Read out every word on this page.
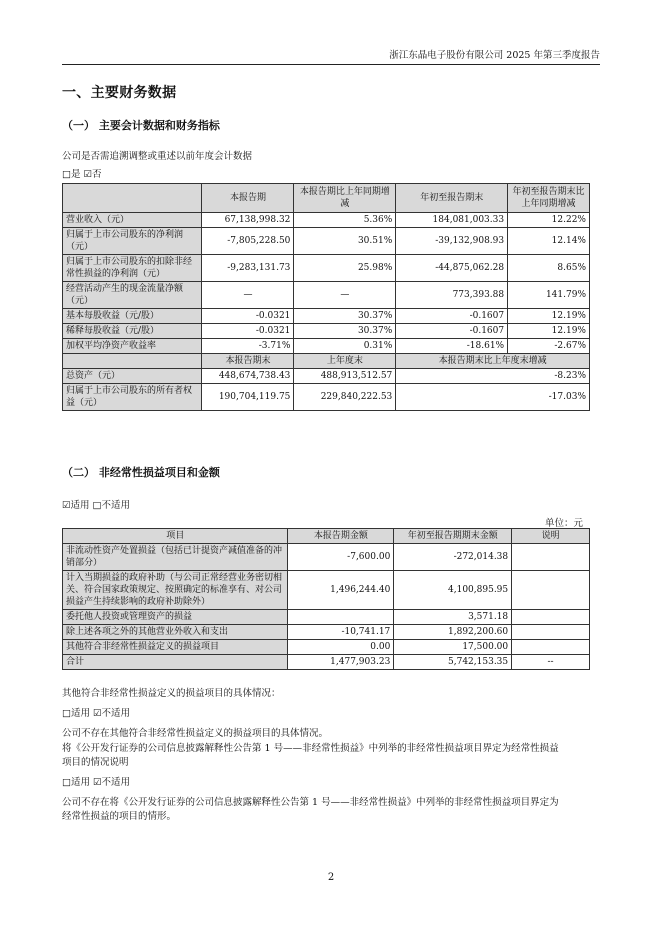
浙江东晶电子股份有限公司 2025 年第三季度报告
一、主要财务数据
（一） 主要会计数据和财务指标
公司是否需追溯调整或重述以前年度会计数据
□是 ☑否
	本报告期	本报告期比上年同期增减	年初至报告期末	年初至报告期末比上年同期增减
营业收入（元）	67,138,998.32	5.36%	184,081,003.33	12.22%
归属于上市公司股东的净利润（元）	-7,805,228.50	30.51%	-39,132,908.93	12.14%
归属于上市公司股东的扣除非经常性损益的净利润（元）	-9,283,131.73	25.98%	-44,875,062.28	8.65%
经营活动产生的现金流量净额（元）	—	—	773,393.88	141.79%
基本每股收益（元/股）	-0.0321	30.37%	-0.1607	12.19%
稀释每股收益（元/股）	-0.0321	30.37%	-0.1607	12.19%
加权平均净资产收益率	-3.71%	0.31%	-18.61%	-2.67%
	本报告期末	上年度末	本报告期末比上年度末增减	
总资产（元）	448,674,738.43	488,913,512.57	-8.23%	
归属于上市公司股东的所有者权益（元）	190,704,119.75	229,840,222.53	-17.03%	
（二） 非经常性损益项目和金额
☑适用 □不适用
单位：元
项目	本报告期金额	年初至报告期期末金额	说明
非流动性资产处置损益（包括已计提资产减值准备的冲销部分）	-7,600.00	-272,014.38	
计入当期损益的政府补助（与公司正常经营业务密切相关、符合国家政策规定、按照确定的标准享有、对公司损益产生持续影响的政府补助除外）	1,496,244.40	4,100,895.95	
委托他人投资或管理资产的损益		3,571.18	
除上述各项之外的其他营业外收入和支出	-10,741.17	1,892,200.60	
其他符合非经常性损益定义的损益项目	0.00	17,500.00	
合计	1,477,903.23	5,742,153.35	--
其他符合非经常性损益定义的损益项目的具体情况：
□适用 ☑不适用
公司不存在其他符合非经常性损益定义的损益项目的具体情况。
将《公开发行证券的公司信息披露解释性公告第 1 号——非经常性损益》中列举的非经常性损益项目界定为经常性损益
项目的情况说明
□适用 ☑不适用
公司不存在将《公开发行证券的公司信息披露解释性公告第 1 号——非经常性损益》中列举的非经常性损益项目界定为
经常性损益的项目的情形。
2
